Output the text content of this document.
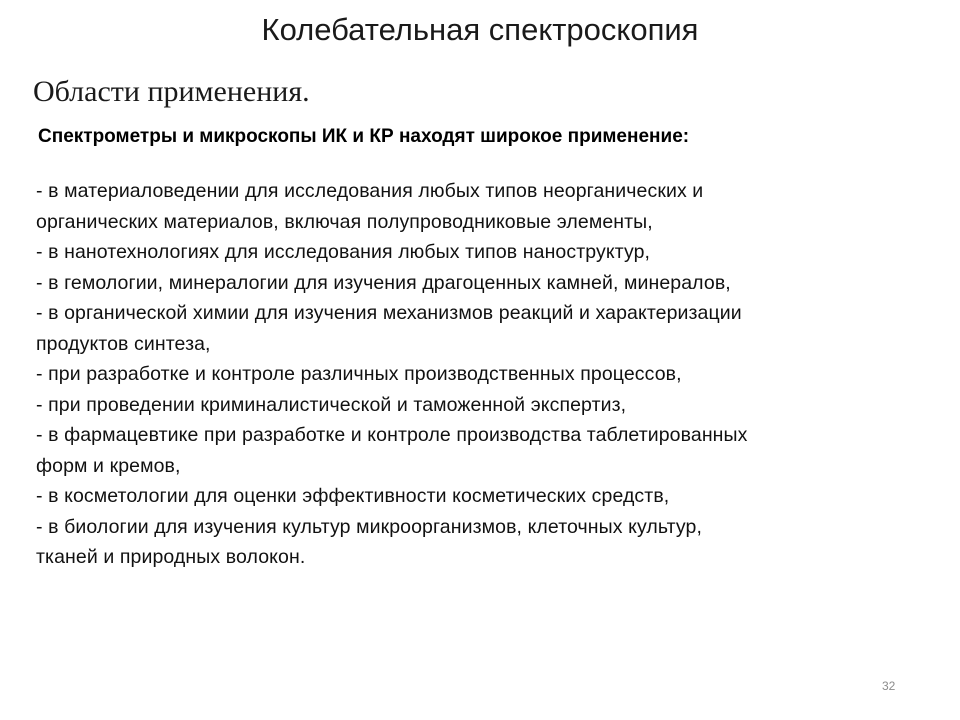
Колебательная спектроскопия
Области применения.
Спектрометры и микроскопы ИК и КР находят широкое применение:
- в материаловедении для исследования любых типов неорганических и
органических материалов, включая полупроводниковые элементы,
- в нанотехнологиях для исследования любых типов наноструктур,
- в гемологии, минералогии для изучения драгоценных камней, минералов,
- в органической химии для изучения механизмов реакций и характеризации
продуктов синтеза,
- при разработке и контроле различных производственных процессов,
- при проведении криминалистической и таможенной экспертиз,
- в фармацевтике при разработке и контроле производства таблетированных
форм и кремов,
- в косметологии для оценки эффективности косметических средств,
- в биологии для изучения культур микроорганизмов, клеточных культур,
тканей и природных волокон.
32
